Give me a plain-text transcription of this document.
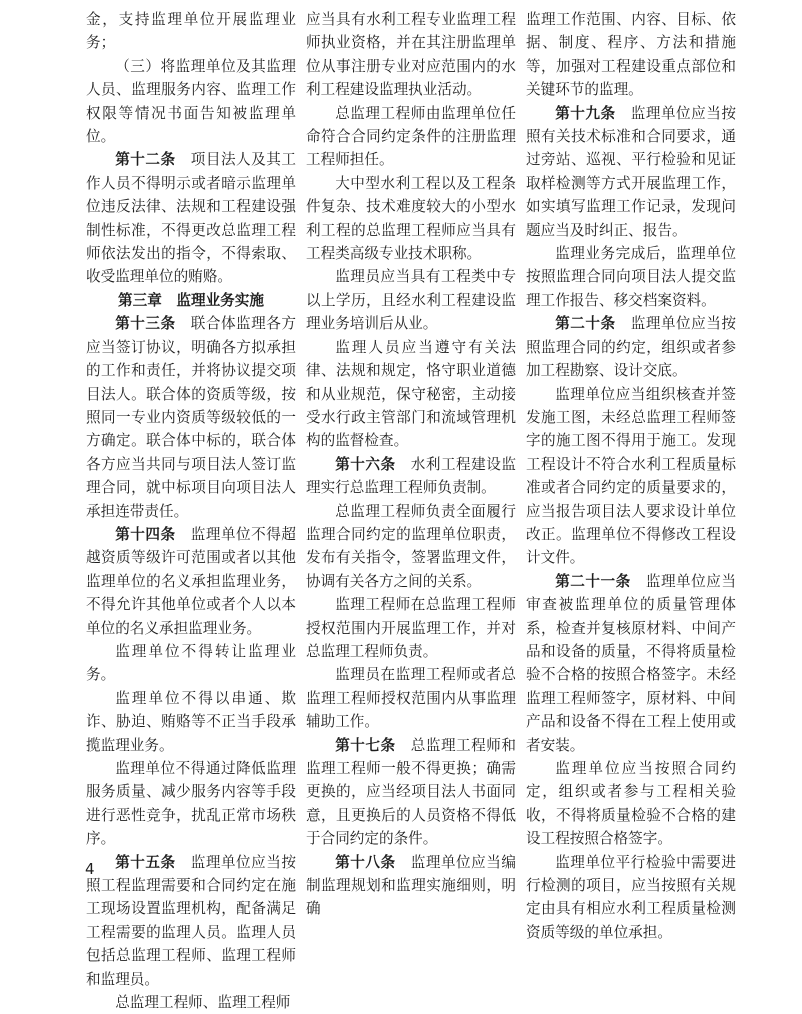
金，支持监理单位开展监理业务；

（三）将监理单位及其监理人员、监理服务内容、监理工作权限等情况书面告知被监理单位。

第十二条　 项目法人及其工作人员不得明示或者暗示监理单位违反法律、法规和工程建设强制性标准，不得更改总监理工程师依法发出的指令，不得索取、收受监理单位的贿赂。

第三章　监理业务实施

第十三条　 联合体监理各方应当签订协议，明确各方拟承担的工作和责任，并将协议提交项目法人。联合体的资质等级，按照同一专业内资质等级较低的一方确定。联合体中标的，联合体各方应当共同与项目法人签订监理合同，就中标项目向项目法人承担连带责任。

第十四条　 监理单位不得超越资质等级许可范围或者以其他监理单位的名义承担监理业务，不得允许其他单位或者个人以本单位的名义承担监理业务。

监理单位不得转让监理业务。

监理单位不得以串通、欺诈、胁迫、贿赂等不正当手段承揽监理业务。

监理单位不得通过降低监理服务质量、减少服务内容等手段进行恶性竞争，扰乱正常市场秩序。

第十五条　 监理单位应当按照工程监理需要和合同约定在施工现场设置监理机构，配备满足工程需要的监理人员。监理人员包括总监理工程师、监理工程师和监理员。

总监理工程师、监理工程师

应当具有水利工程专业监理工程师执业资格，并在其注册监理单位从事注册专业对应范围内的水利工程建设监理执业活动。

总监理工程师由监理单位任命符合合同约定条件的注册监理工程师担任。

大中型水利工程以及工程条件复杂、技术难度较大的小型水利工程的总监理工程师应当具有工程类高级专业技术职称。

监理员应当具有工程类中专以上学历，且经水利工程建设监理业务培训后从业。

监理人员应当遵守有关法律、法规和规定，恪守职业道德和从业规范，保守秘密，主动接受水行政主管部门和流域管理机构的监督检查。

第十六条　 水利工程建设监理实行总监理工程师负责制。

总监理工程师负责全面履行监理合同约定的监理单位职责，发布有关指令，签署监理文件，协调有关各方之间的关系。

监理工程师在总监理工程师授权范围内开展监理工作，并对总监理工程师负责。

监理员在监理工程师或者总监理工程师授权范围内从事监理辅助工作。

第十七条　 总监理工程师和监理工程师一般不得更换；确需更换的，应当经项目法人书面同意，且更换后的人员资格不得低于合同约定的条件。

第十八条　 监理单位应当编制监理规划和监理实施细则，明确

监理工作范围、内容、目标、依据、制度、程序、方法和措施等，加强对工程建设重点部位和关键环节的监理。

第十九条　 监理单位应当按照有关技术标准和合同要求，通过旁站、巡视、平行检验和见证取样检测等方式开展监理工作，如实填写监理工作记录，发现问题应当及时纠正、报告。

监理业务完成后，监理单位按照监理合同向项目法人提交监理工作报告、移交档案资料。

第二十条　 监理单位应当按照监理合同的约定，组织或者参加工程勘察、设计交底。

监理单位应当组织核查并签发施工图，未经总监理工程师签字的施工图不得用于施工。发现工程设计不符合水利工程质量标准或者合同约定的质量要求的，应当报告项目法人要求设计单位改正。监理单位不得修改工程设计文件。

第二十一条　 监理单位应当审查被监理单位的质量管理体系，检查并复核原材料、中间产品和设备的质量，不得将质量检验不合格的按照合格签字。未经监理工程师签字，原材料、中间产品和设备不得在工程上使用或者安装。

监理单位应当按照合同约定，组织或者参与工程相关验收，不得将质量检验不合格的建设工程按照合格签字。

监理单位平行检验中需要进行检测的项目，应当按照有关规定由具有相应水利工程质量检测资质等级的单位承担。

4
